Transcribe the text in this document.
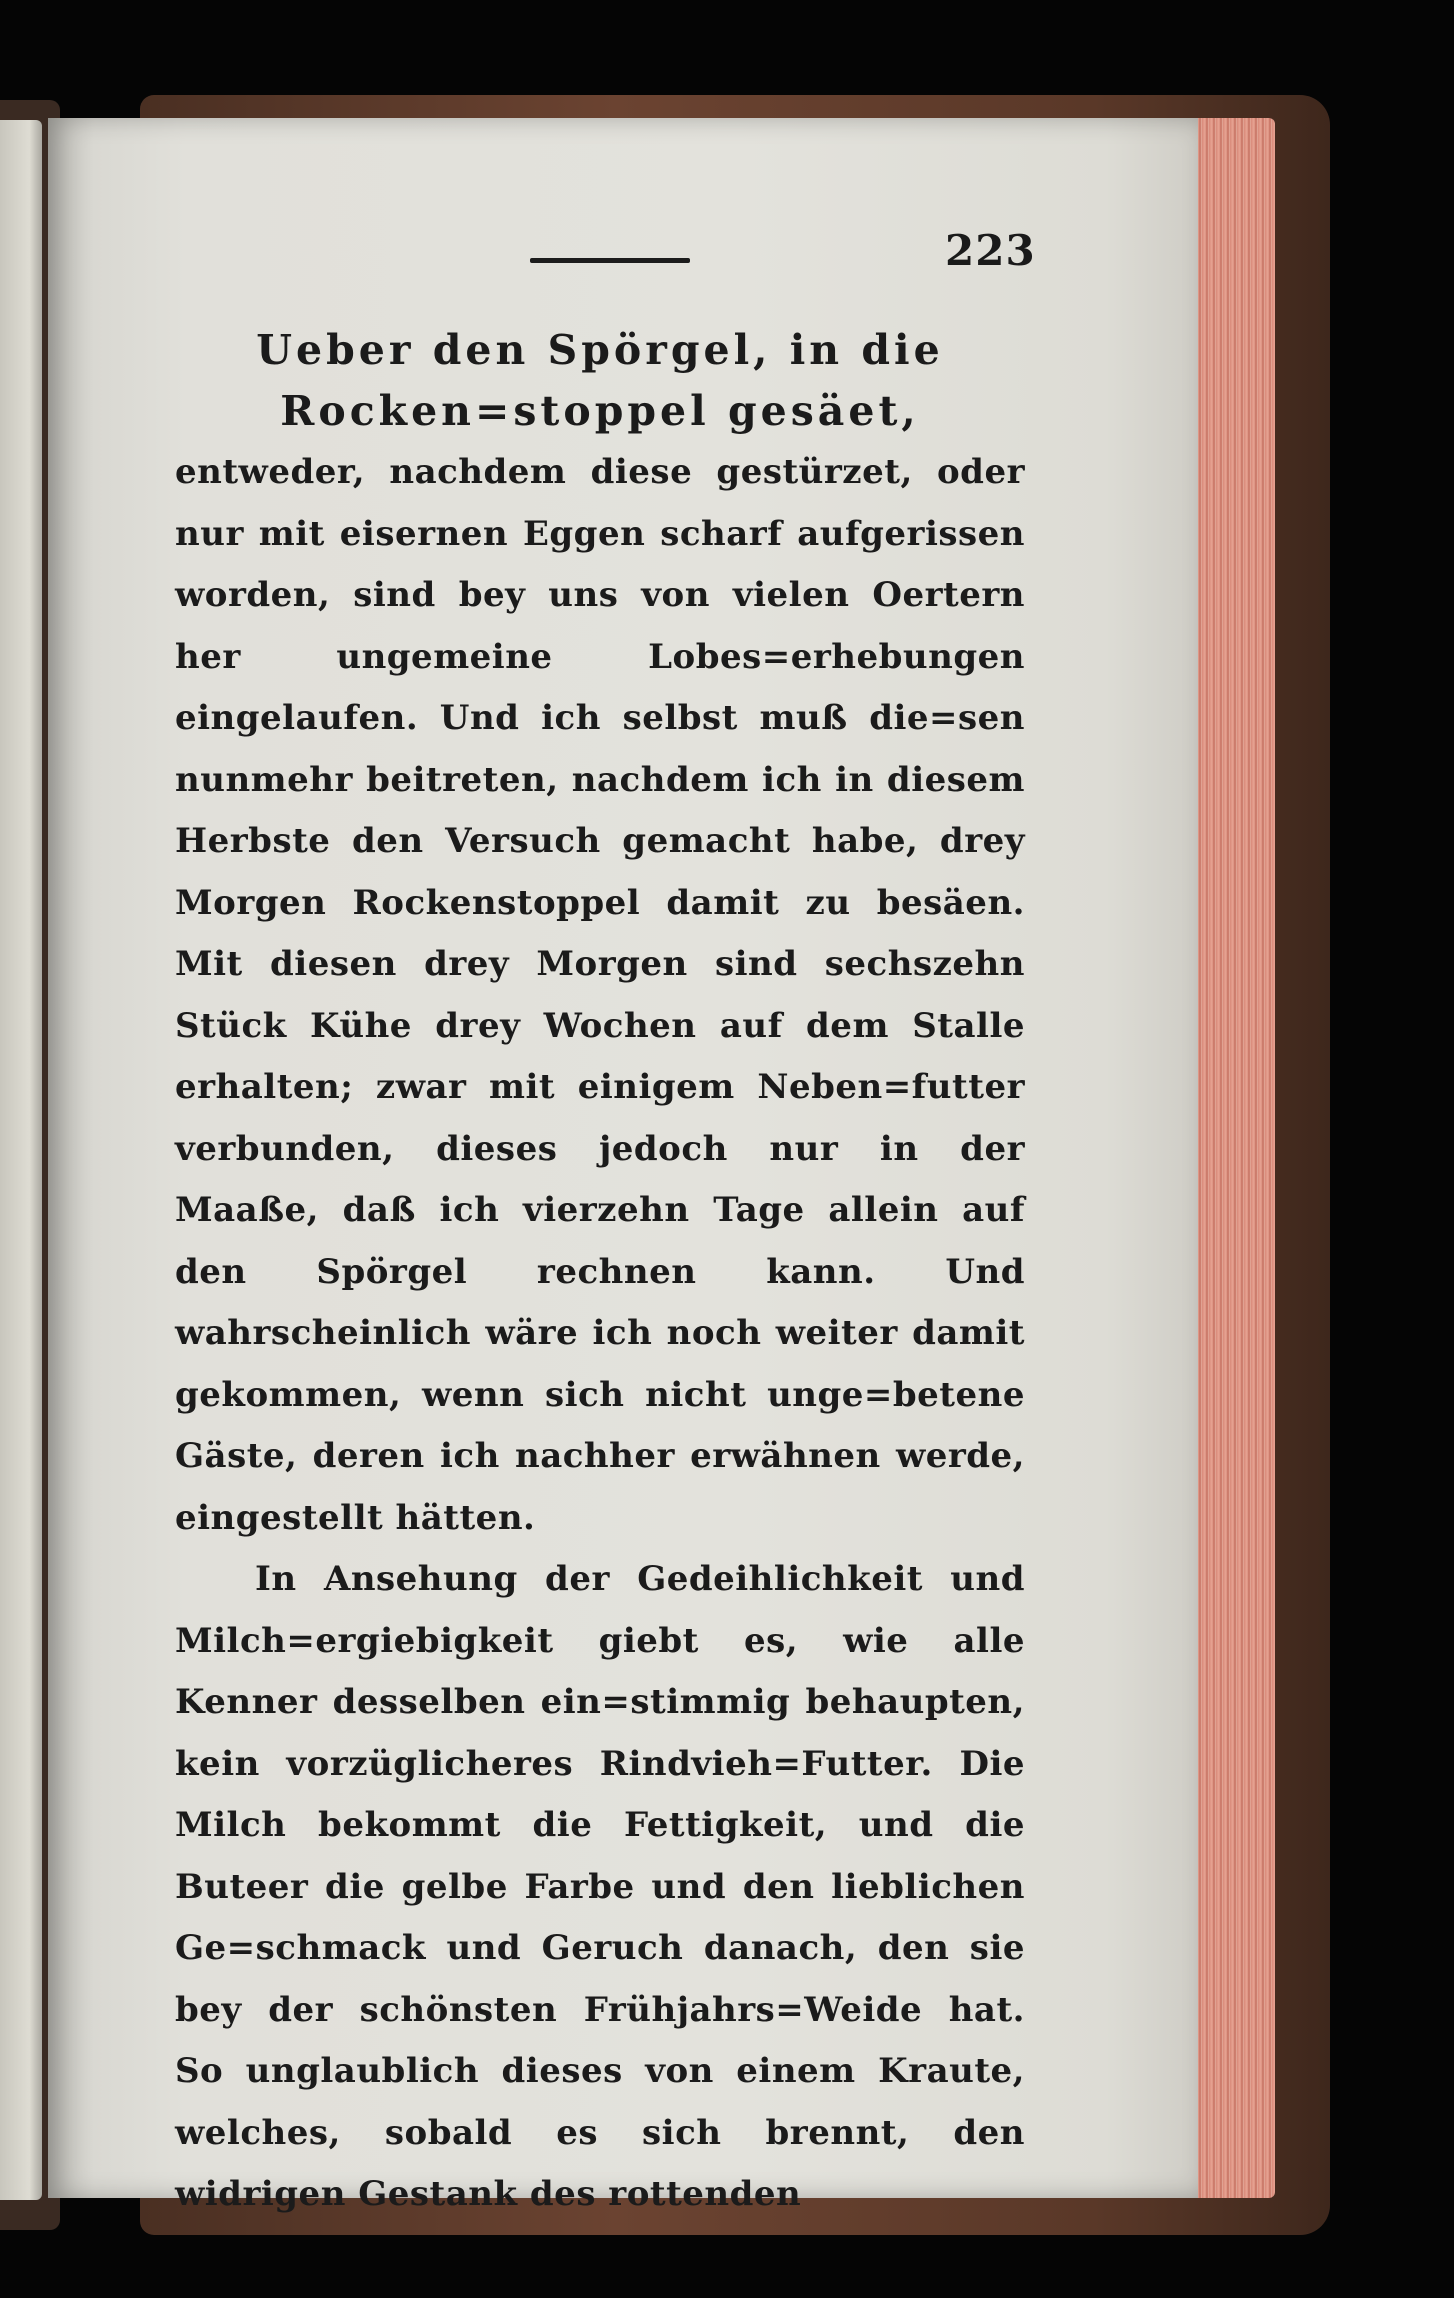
223

Ueber den Spörgel, in die Rocken=stoppel gesäet,

entweder, nachdem diese gestürzet, oder nur mit eisernen Eggen scharf aufgerissen worden, sind bey uns von vielen Oertern her ungemeine Lobes=erhebungen eingelaufen. Und ich selbst muß die=sen nunmehr beitreten, nachdem ich in diesem Herbste den Versuch gemacht habe, drey Morgen Rockenstoppel damit zu besäen. Mit diesen drey Morgen sind sechszehn Stück Kühe drey Wochen auf dem Stalle erhalten; zwar mit einigem Neben=futter verbunden, dieses jedoch nur in der Maaße, daß ich vierzehn Tage allein auf den Spörgel rechnen kann. Und wahrscheinlich wäre ich noch weiter damit gekommen, wenn sich nicht unge=betene Gäste, deren ich nachher erwähnen werde, eingestellt hätten.

In Ansehung der Gedeihlichkeit und Milch=ergiebigkeit giebt es, wie alle Kenner desselben ein=stimmig behaupten, kein vorzüglicheres Rindvieh=Futter. Die Milch bekommt die Fettigkeit, und die Buteer die gelbe Farbe und den lieblichen Ge=schmack und Geruch danach, den sie bey der schönsten Frühjahrs=Weide hat. So unglaublich dieses von einem Kraute, welches, sobald es sich brennt, den widrigen Gestank des rottenden
